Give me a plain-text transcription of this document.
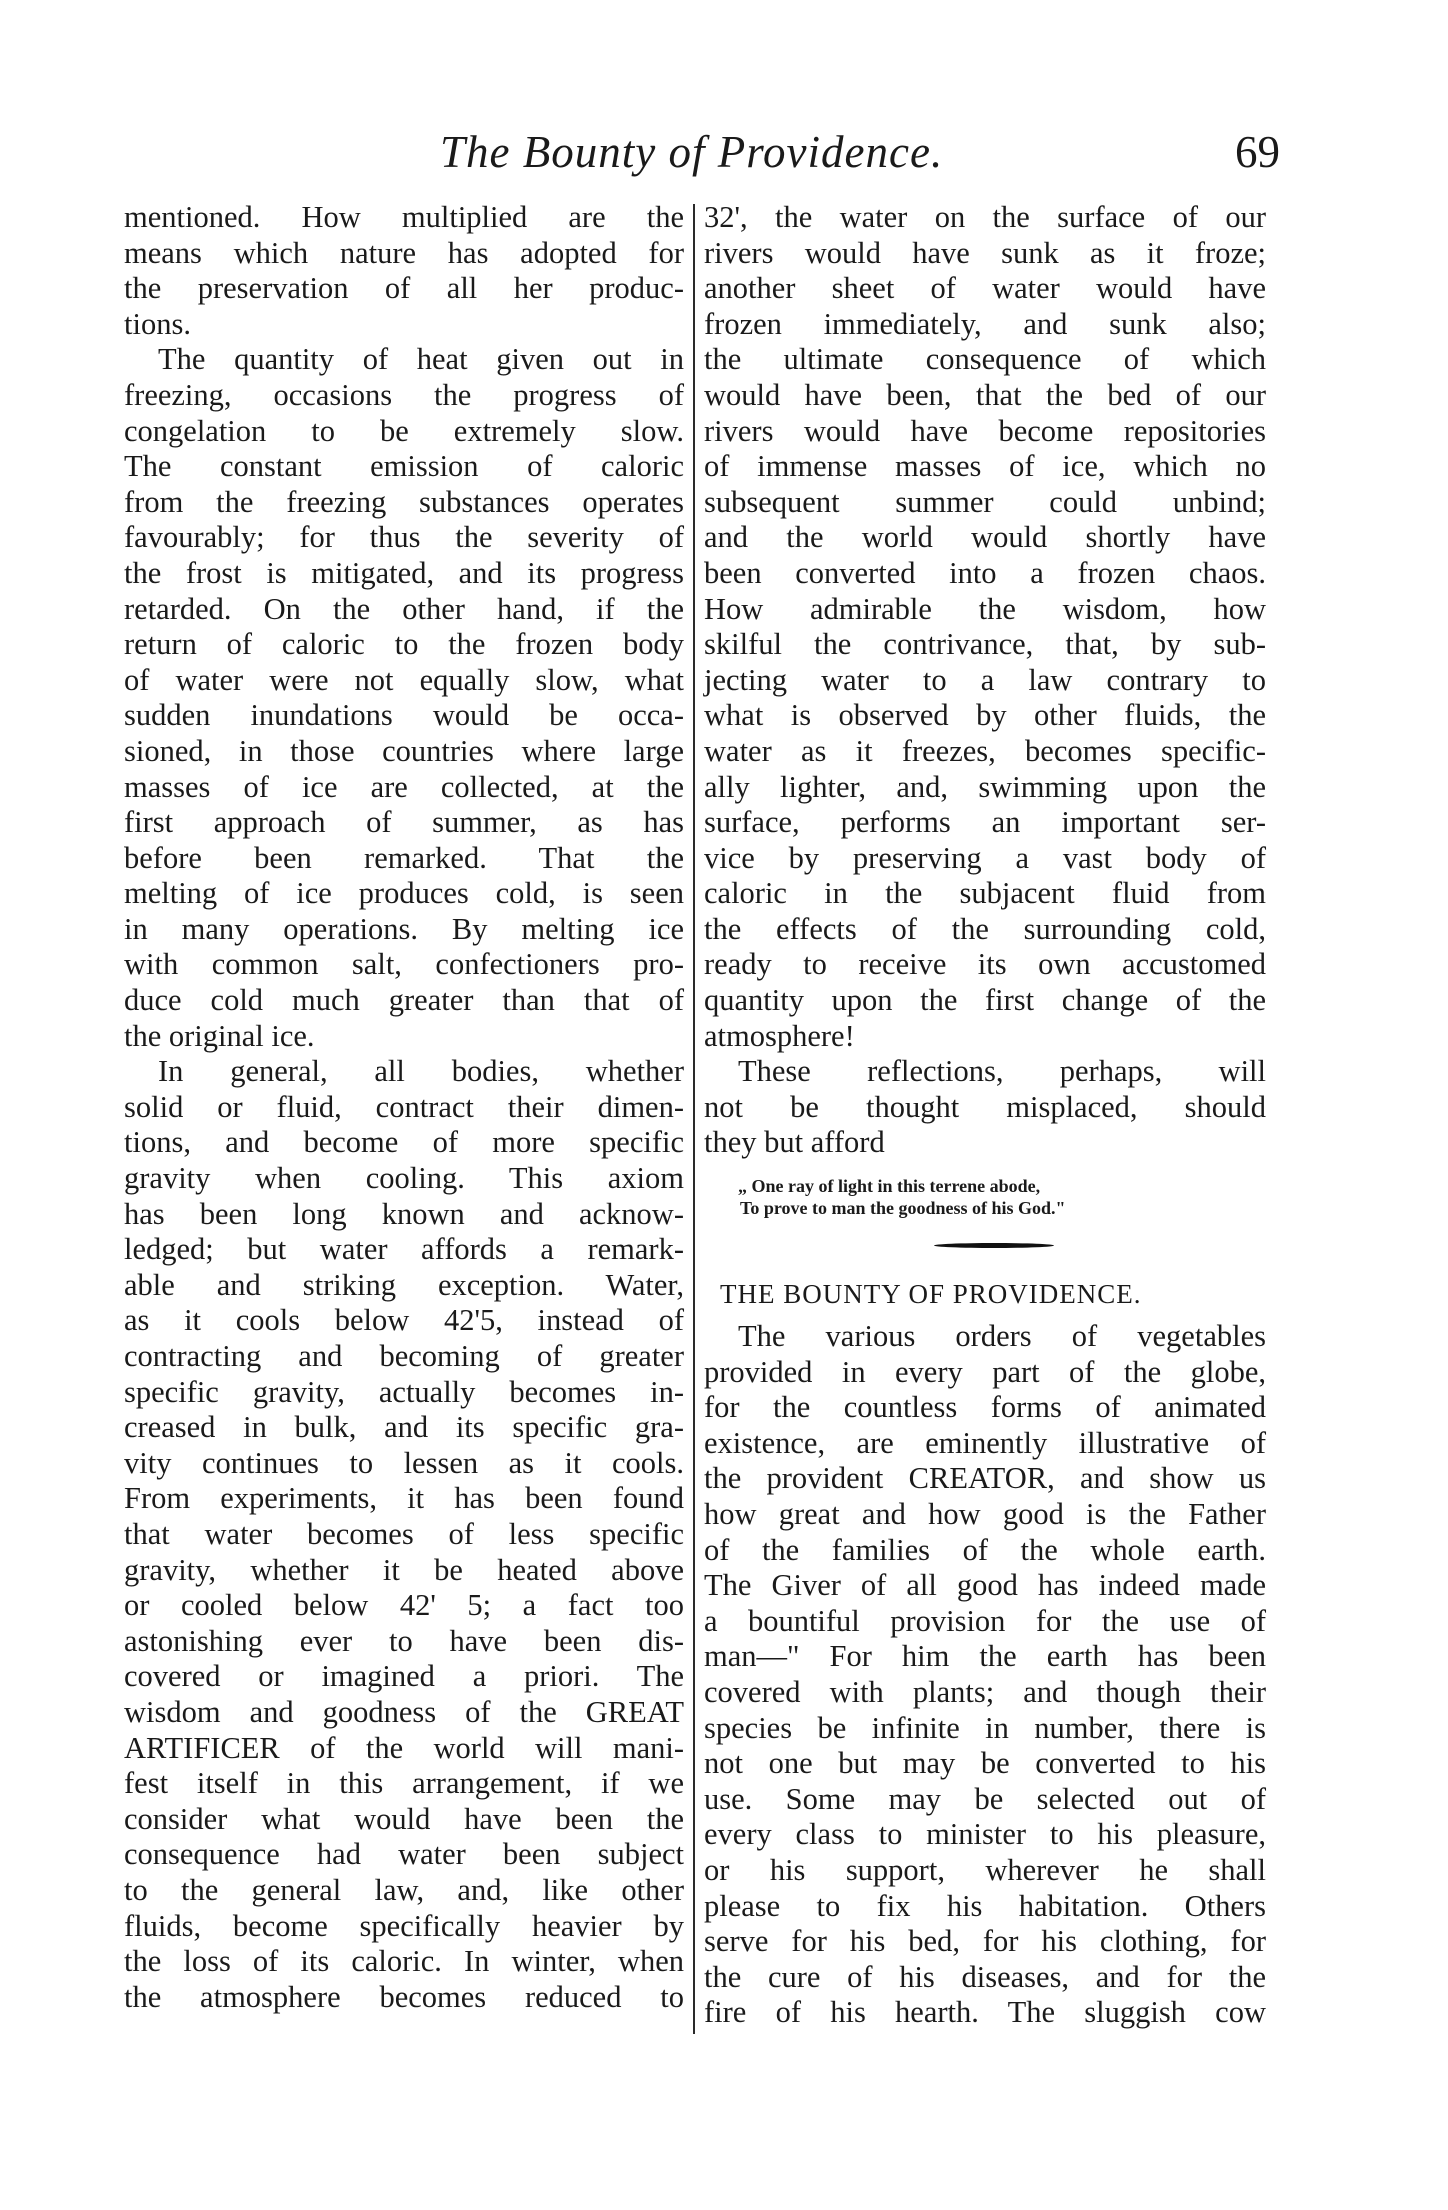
The Bounty of Providence.	69
mentioned. How multiplied are the
means which nature has adopted for
the preservation of all her produc-
tions.
The quantity of heat given out in
freezing, occasions the progress of
congelation to be extremely slow.
The constant emission of caloric
from the freezing substances operates
favourably; for thus the severity of
the frost is mitigated, and its progress
retarded. On the other hand, if the
return of caloric to the frozen body
of water were not equally slow, what
sudden inundations would be occa-
sioned, in those countries where large
masses of ice are collected, at the
first approach of summer, as has
before been remarked. That the
melting of ice produces cold, is seen
in many operations. By melting ice
with common salt, confectioners pro-
duce cold much greater than that of
the original ice.
In general, all bodies, whether
solid or fluid, contract their dimen-
tions, and become of more specific
gravity when cooling. This axiom
has been long known and acknow-
ledged; but water affords a remark-
able and striking exception. Water,
as it cools below 42'5, instead of
contracting and becoming of greater
specific gravity, actually becomes in-
creased in bulk, and its specific gra-
vity continues to lessen as it cools.
From experiments, it has been found
that water becomes of less specific
gravity, whether it be heated above
or cooled below 42' 5; a fact too
astonishing ever to have been dis-
covered or imagined a priori. The
wisdom and goodness of the GREAT
ARTIFICER of the world will mani-
fest itself in this arrangement, if we
consider what would have been the
consequence had water been subject
to the general law, and, like other
fluids, become specifically heavier by
the loss of its caloric. In winter, when
the atmosphere becomes reduced to
32', the water on the surface of our
rivers would have sunk as it froze;
another sheet of water would have
frozen immediately, and sunk also;
the ultimate consequence of which
would have been, that the bed of our
rivers would have become repositories
of immense masses of ice, which no
subsequent summer could unbind;
and the world would shortly have
been converted into a frozen chaos.
How admirable the wisdom, how
skilful the contrivance, that, by sub-
jecting water to a law contrary to
what is observed by other fluids, the
water as it freezes, becomes specific-
ally lighter, and, swimming upon the
surface, performs an important ser-
vice by preserving a vast body of
caloric in the subjacent fluid from
the effects of the surrounding cold,
ready to receive its own accustomed
quantity upon the first change of the
atmosphere!
These reflections, perhaps, will
not be thought misplaced, should
they but afford
„ One ray of light in this terrene abode,
To prove to man the goodness of his God."
THE BOUNTY OF PROVIDENCE.
The various orders of vegetables
provided in every part of the globe,
for the countless forms of animated
existence, are eminently illustrative of
the provident CREATOR, and show us
how great and how good is the Father
of the families of the whole earth.
The Giver of all good has indeed made
a bountiful provision for the use of
man—" For him the earth has been
covered with plants; and though their
species be infinite in number, there is
not one but may be converted to his
use. Some may be selected out of
every class to minister to his pleasure,
or his support, wherever he shall
please to fix his habitation. Others
serve for his bed, for his clothing, for
the cure of his diseases, and for the
fire of his hearth. The sluggish cow
